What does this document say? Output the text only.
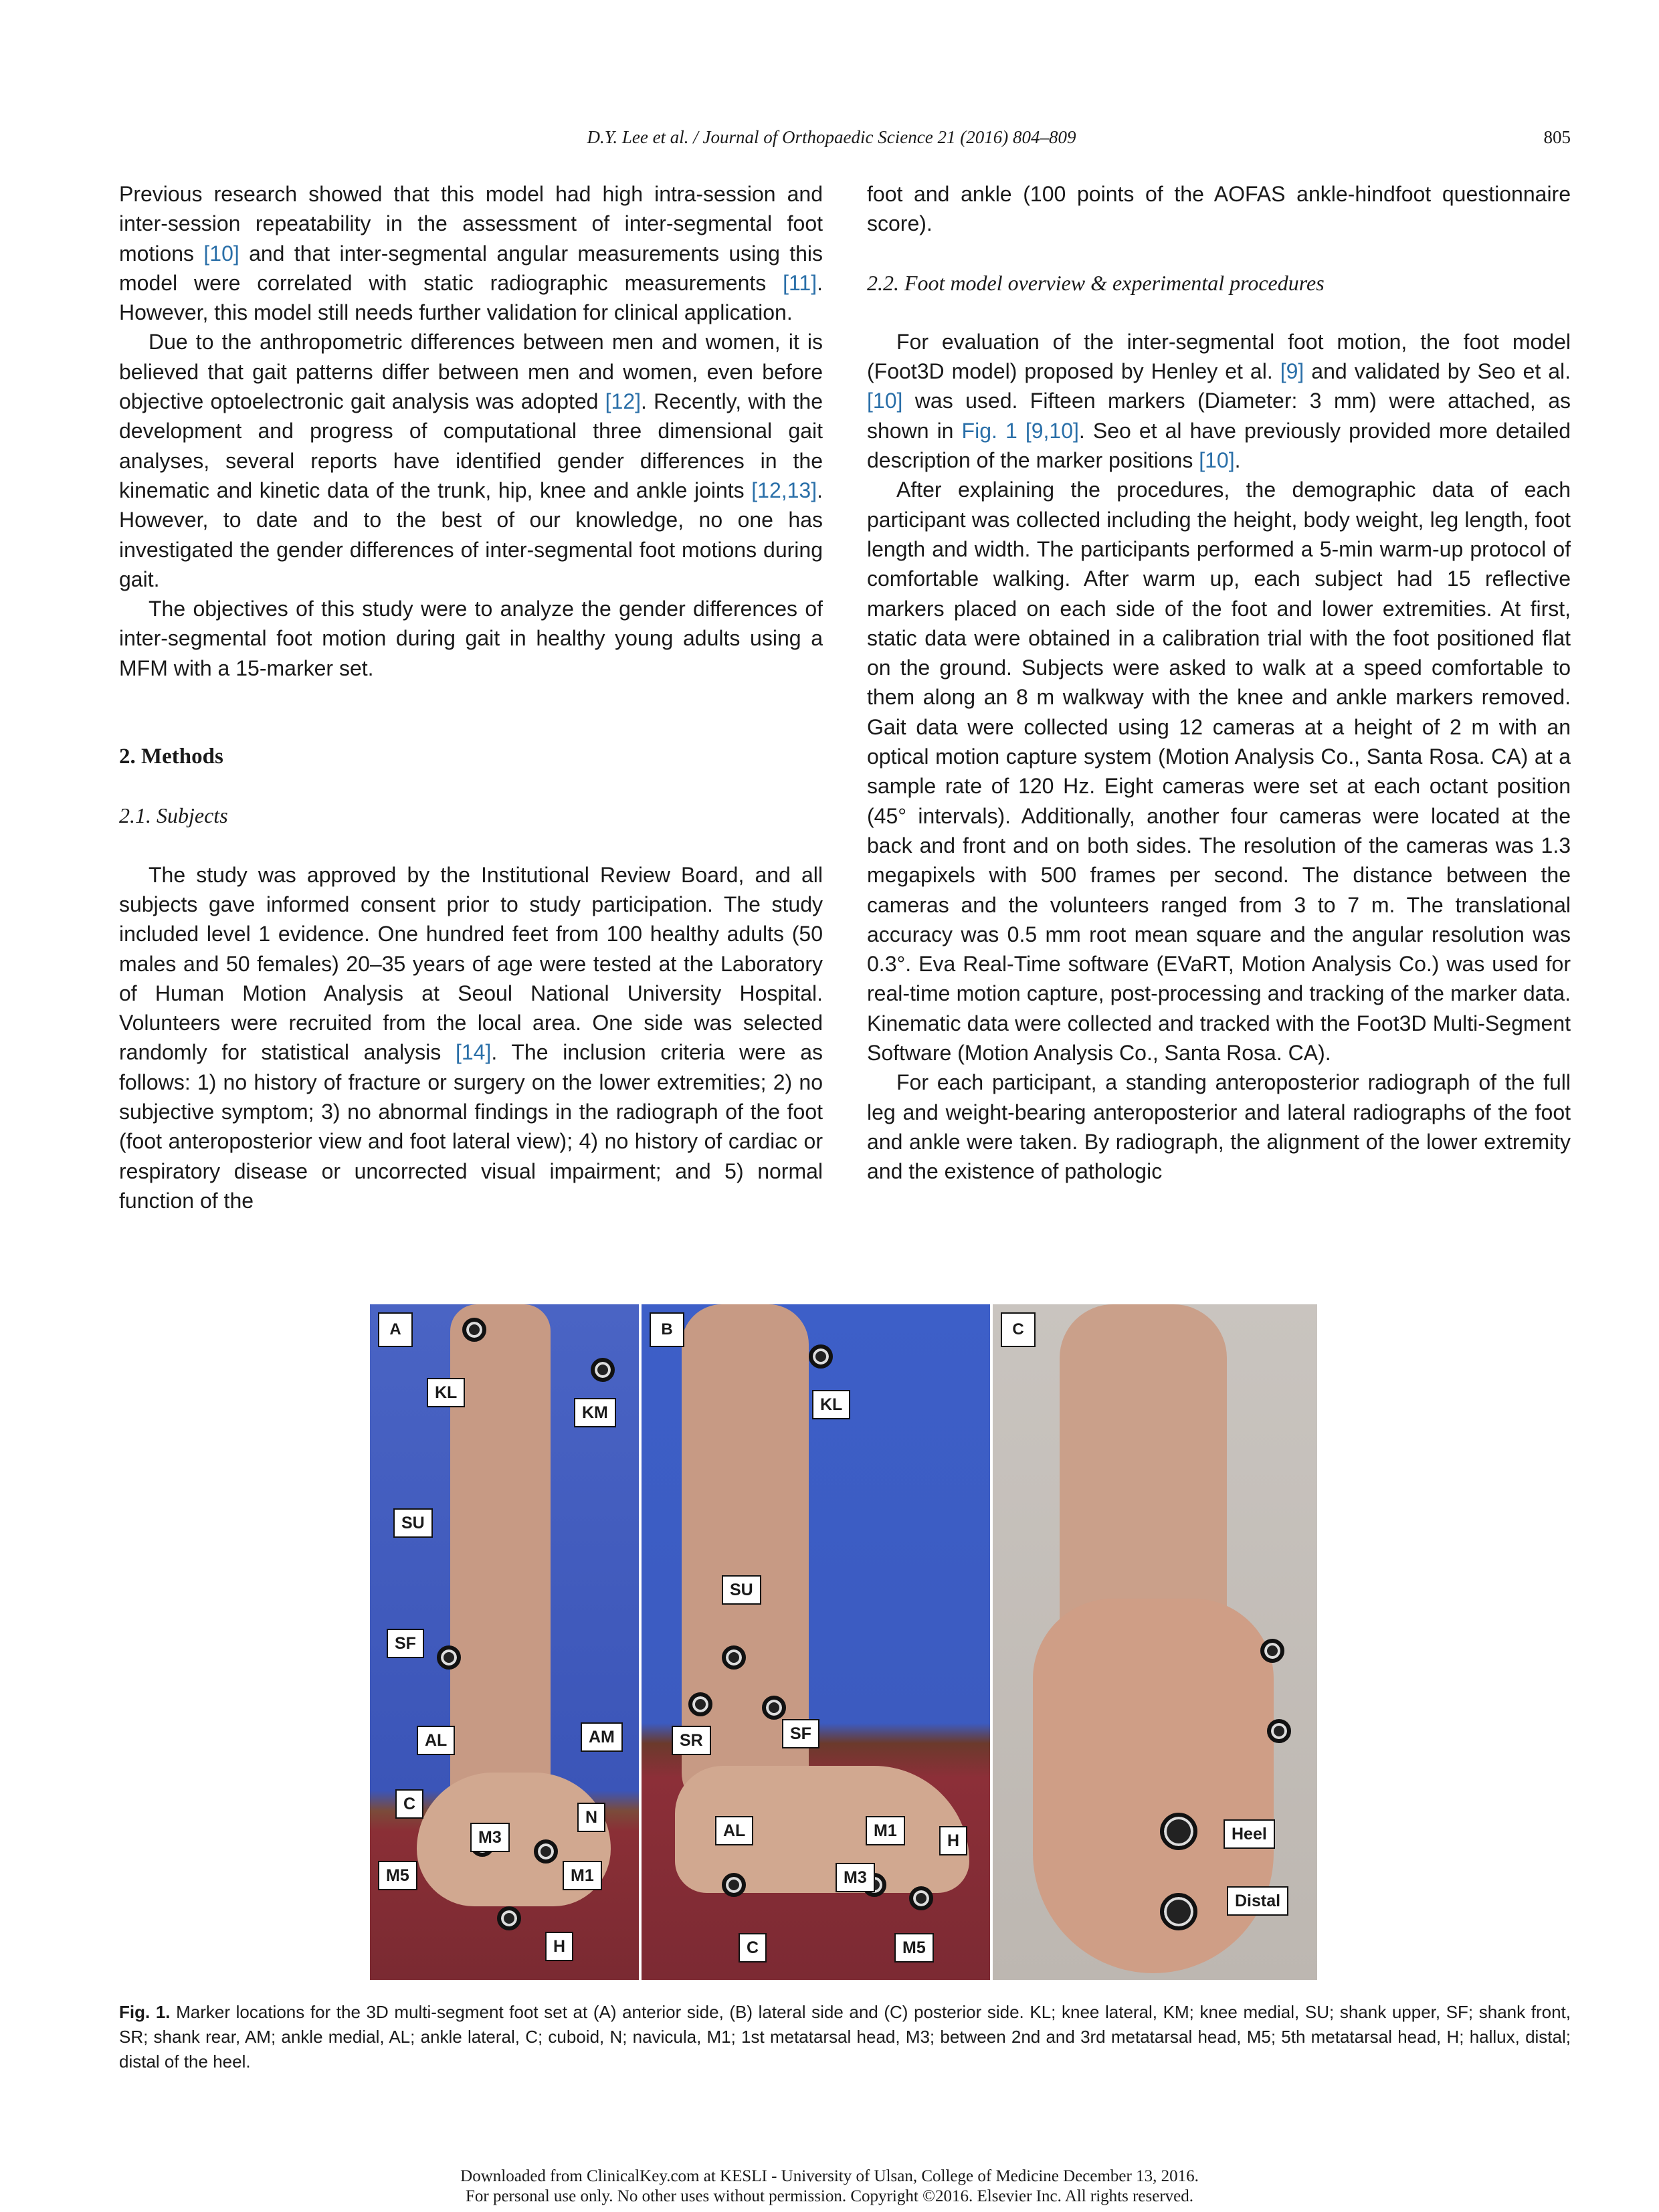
D.Y. Lee et al. / Journal of Orthopaedic Science 21 (2016) 804–809	805

Previous research showed that this model had high intra-session and inter-session repeatability in the assessment of inter-segmental foot motions [10] and that inter-segmental angular measurements using this model were correlated with static radiographic measurements [11]. However, this model still needs further validation for clinical application.

Due to the anthropometric differences between men and women, it is believed that gait patterns differ between men and women, even before objective optoelectronic gait analysis was adopted [12]. Recently, with the development and progress of computational three dimensional gait analyses, several reports have identified gender differences in the kinematic and kinetic data of the trunk, hip, knee and ankle joints [12,13]. However, to date and to the best of our knowledge, no one has investigated the gender differences of inter-segmental foot motions during gait.

The objectives of this study were to analyze the gender differences of inter-segmental foot motion during gait in healthy young adults using a MFM with a 15-marker set.

2. Methods

2.1. Subjects

The study was approved by the Institutional Review Board, and all subjects gave informed consent prior to study participation. The study included level 1 evidence. One hundred feet from 100 healthy adults (50 males and 50 females) 20–35 years of age were tested at the Laboratory of Human Motion Analysis at Seoul National University Hospital. Volunteers were recruited from the local area. One side was selected randomly for statistical analysis [14]. The inclusion criteria were as follows: 1) no history of fracture or surgery on the lower extremities; 2) no subjective symptom; 3) no abnormal findings in the radiograph of the foot (foot anteroposterior view and foot lateral view); 4) no history of cardiac or respiratory disease or uncorrected visual impairment; and 5) normal function of the

foot and ankle (100 points of the AOFAS ankle-hindfoot questionnaire score).

2.2. Foot model overview & experimental procedures

For evaluation of the inter-segmental foot motion, the foot model (Foot3D model) proposed by Henley et al. [9] and validated by Seo et al. [10] was used. Fifteen markers (Diameter: 3 mm) were attached, as shown in Fig. 1 [9,10]. Seo et al have previously provided more detailed description of the marker positions [10].

After explaining the procedures, the demographic data of each participant was collected including the height, body weight, leg length, foot length and width. The participants performed a 5-min warm-up protocol of comfortable walking. After warm up, each subject had 15 reflective markers placed on each side of the foot and lower extremities. At first, static data were obtained in a calibration trial with the foot positioned flat on the ground. Subjects were asked to walk at a speed comfortable to them along an 8 m walkway with the knee and ankle markers removed. Gait data were collected using 12 cameras at a height of 2 m with an optical motion capture system (Motion Analysis Co., Santa Rosa. CA) at a sample rate of 120 Hz. Eight cameras were set at each octant position (45° intervals). Additionally, another four cameras were located at the back and front and on both sides. The resolution of the cameras was 1.3 megapixels with 500 frames per second. The distance between the cameras and the volunteers ranged from 3 to 7 m. The translational accuracy was 0.5 mm root mean square and the angular resolution was 0.3°. Eva Real-Time software (EVaRT, Motion Analysis Co.) was used for real-time motion capture, post-processing and tracking of the marker data. Kinematic data were collected and tracked with the Foot3D Multi-Segment Software (Motion Analysis Co., Santa Rosa. CA).

For each participant, a standing anteroposterior radiograph of the full leg and weight-bearing anteroposterior and lateral radiographs of the foot and ankle were taken. By radiograph, the alignment of the lower extremity and the existence of pathologic

A
KL
KM
SU
SF
AL	AM
C
N
M3
M5	M1
H
B
KL
SU
SR	SF
AL	M1
H
M3
C	M5
C
Heel
Distal
Fig. 1. Marker locations for the 3D multi-segment foot set at (A) anterior side, (B) lateral side and (C) posterior side. KL; knee lateral, KM; knee medial, SU; shank upper, SF; shank front, SR; shank rear, AM; ankle medial, AL; ankle lateral, C; cuboid, N; navicula, M1; 1st metatarsal head, M3; between 2nd and 3rd metatarsal head, M5; 5th metatarsal head, H; hallux, distal; distal of the heel.
Downloaded from ClinicalKey.com at KESLI - University of Ulsan, College of Medicine December 13, 2016.
For personal use only. No other uses without permission. Copyright ©2016. Elsevier Inc. All rights reserved.
